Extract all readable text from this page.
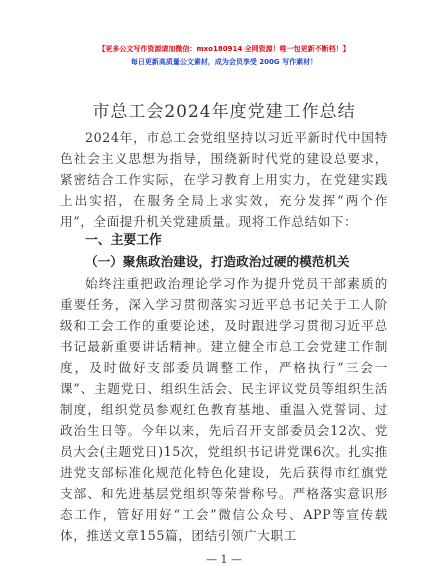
【更多公文写作资源请加微信：mxo180914 全网资源！唯一包更新不断档！】
每日更新高质量公文素材，成为会员享受 200G 写作素材！
市总工会2024年度党建工作总结

2024年，市总工会党组坚持以习近平新时代中国特色社会主义思想为指导，围绕新时代党的建设总要求，紧密结合工作实际，在学习教育上用实力，在党建实践上出实招，在服务全局上求实效，充分发挥“两个作用”，全面提升机关党建质量。现将工作总结如下：

一、主要工作
（一）聚焦政治建设，打造政治过硬的模范机关

始终注重把政治理论学习作为提升党员干部素质的重要任务，深入学习贯彻落实习近平总书记关于工人阶级和工会工作的重要论述，及时跟进学习贯彻习近平总书记最新重要讲话精神。建立健全市总工会党建工作制度，及时做好支部委员调整工作，严格执行“三会一课”、主题党日、组织生活会、民主评议党员等组织生活制度，组织党员参观红色教育基地、重温入党誓词、过政治生日等。今年以来，先后召开支部委员会12次、党员大会(主题党日)15次，党组织书记讲党课6次。扎实推进党支部标准化规范化特色化建设，先后获得市红旗党支部、和先进基层党组织等荣誉称号。严格落实意识形态工作，管好用好“工会”微信公众号、APP等宣传载体，推送文章155篇，团结引领广大职工

— 1 —
